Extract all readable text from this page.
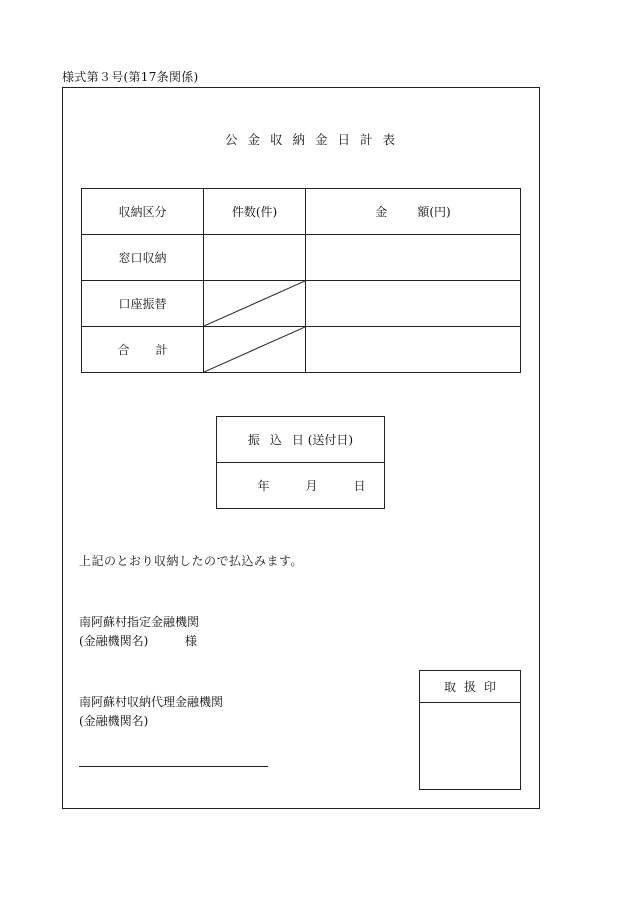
様式第３号(第17条関係)
公金収納金日計表
収納区分	件数(件)	金 額(円)
窓口収納		
口座振替	

合 計	

振 込 日 (送付日)
年	月	日
上記のとおり収納したので払込みます。
南阿蘇村指定金融機関
(金融機関名)	様
南阿蘇村収納代理金融機関
(金融機関名)
取扱印
